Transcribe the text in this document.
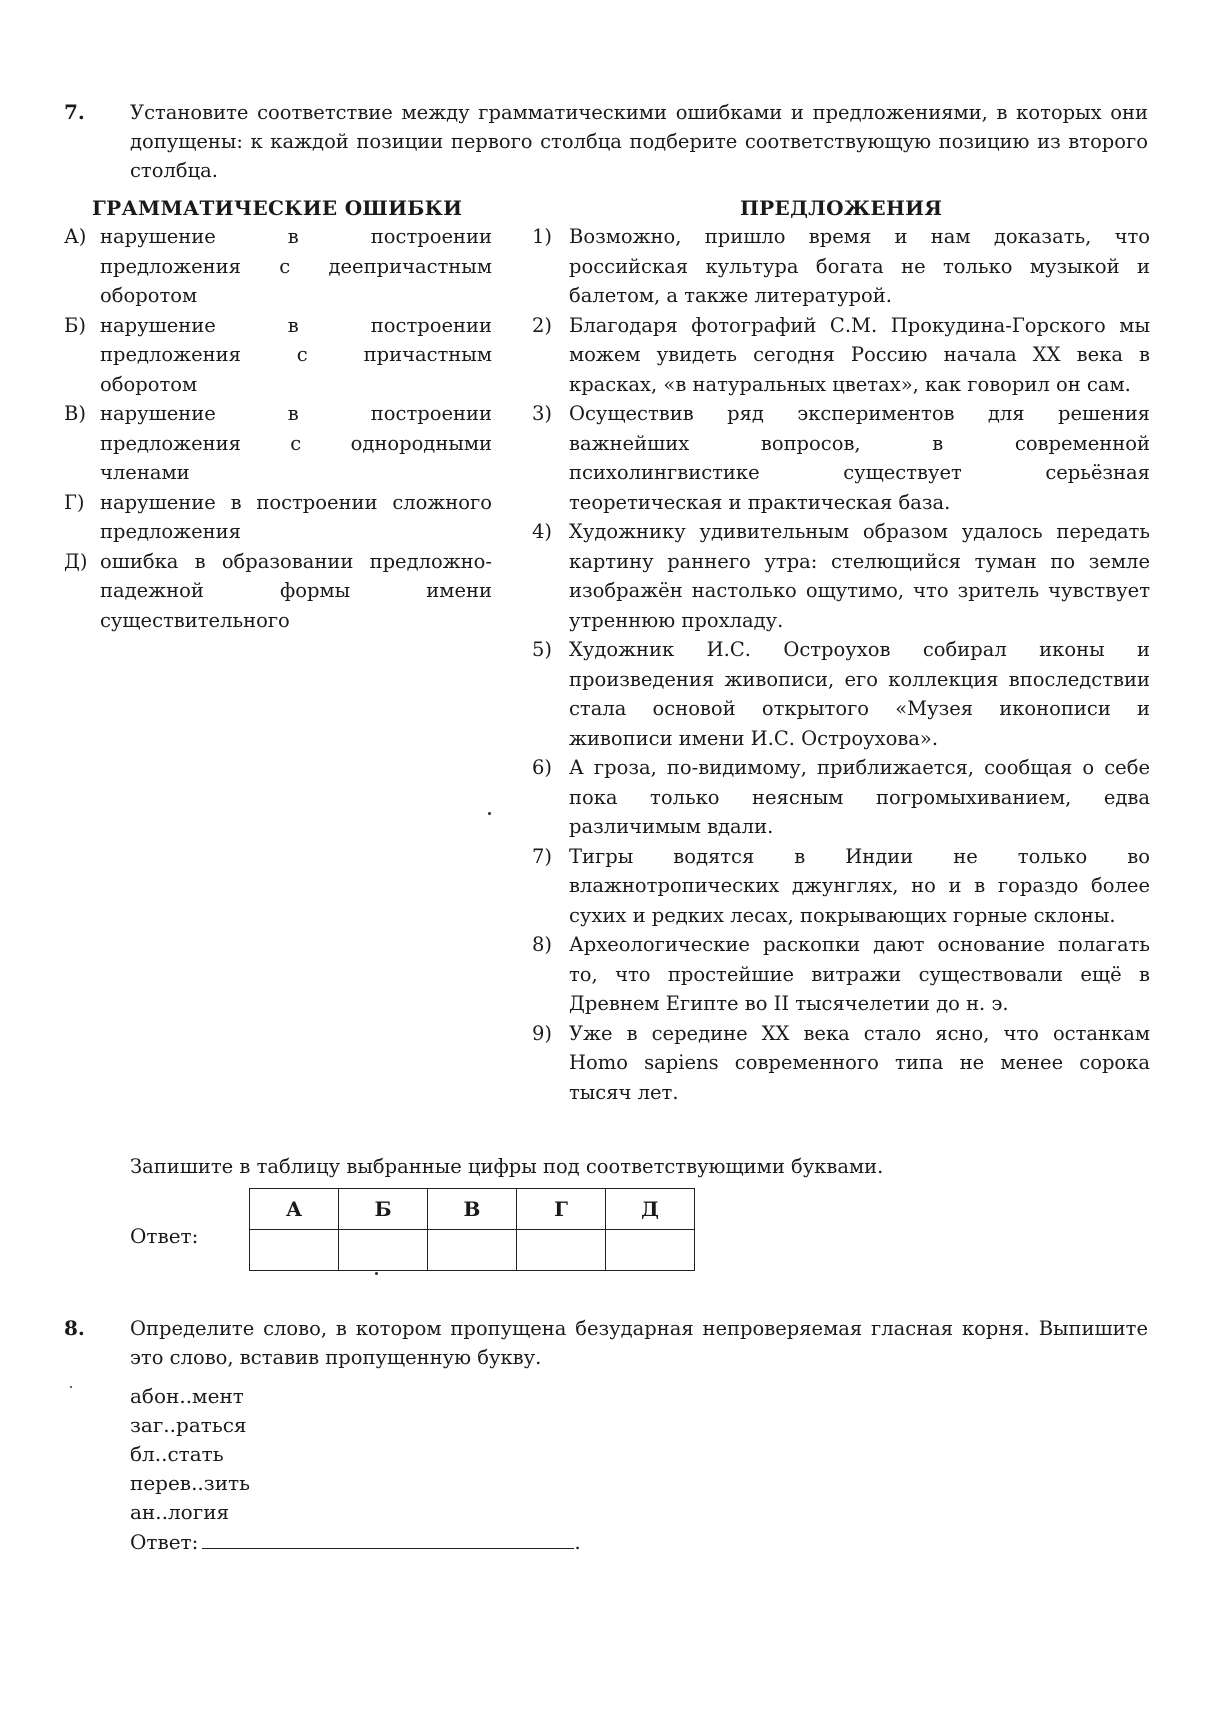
7. Установите соответствие между грамматическими ошибками и предложениями, в которых они допущены: к каждой позиции первого столбца подберите соответствующую позицию из второго столбца.
ГРАММАТИЧЕСКИЕ ОШИБКИ	ПРЕДЛОЖЕНИЯ
А) нарушение в построении предложения с деепричастным оборотом
Б) нарушение в построении предложения с причастным оборотом
В) нарушение в построении предложения с однородными членами
Г) нарушение в построении сложного предложения
Д) ошибка в образовании предложно-падежной формы имени существительного
1) Возможно, пришло время и нам доказать, что российская культура богата не только музыкой и балетом, а также литературой.
2) Благодаря фотографий С.М. Прокудина-Горского мы можем увидеть сегодня Россию начала XX века в красках, «в натуральных цветах», как говорил он сам.
3) Осуществив ряд экспериментов для решения важнейших вопросов, в современной психолингвистике существует серьёзная теоретическая и практическая база.
4) Художнику удивительным образом удалось передать картину раннего утра: стелющийся туман по земле изображён настолько ощутимо, что зритель чувствует утреннюю прохладу.
5) Художник И.С. Остроухов собирал иконы и произведения живописи, его коллекция впоследствии стала основой открытого «Музея иконописи и живописи имени И.С. Остроухова».
6) А гроза, по-видимому, приближается, сообщая о себе пока только неясным погромыхиванием, едва различимым вдали.
7) Тигры водятся в Индии не только во влажнотропических джунглях, но и в гораздо более сухих и редких лесах, покрывающих горные склоны.
8) Археологические раскопки дают основание полагать то, что простейшие витражи существовали ещё в Древнем Египте во II тысячелетии до н. э.
9) Уже в середине XX века стало ясно, что останкам Homo sapiens современного типа не менее сорока тысяч лет.
Запишите в таблицу выбранные цифры под соответствующими буквами.
Ответ:
А	Б	В	Г	Д

8. Определите слово, в котором пропущена безударная непроверяемая гласная корня. Выпишите это слово, вставив пропущенную букву.
абон..мент
заг..раться
бл..стать
перев..зить
ан..логия
Ответ:	.
